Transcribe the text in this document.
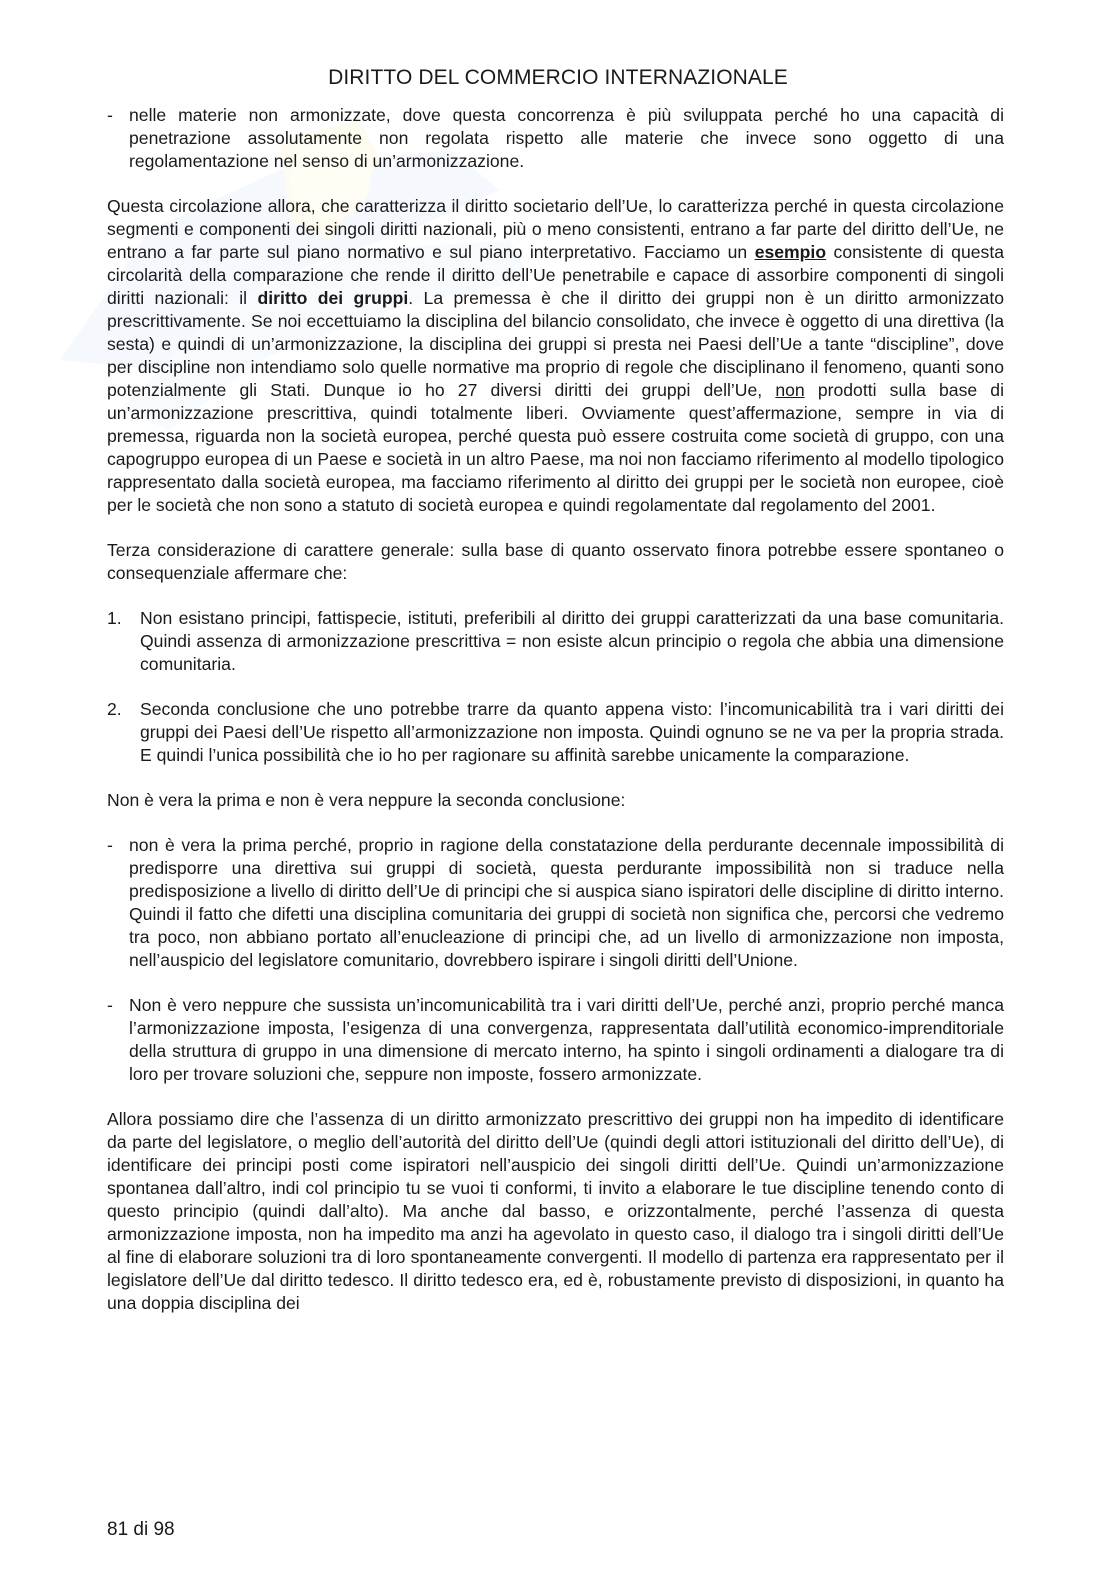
DIRITTO DEL COMMERCIO INTERNAZIONALE
- nelle materie non armonizzate, dove questa concorrenza è più sviluppata perché ho una capacità di penetrazione assolutamente non regolata rispetto alle materie che invece sono oggetto di una regolamentazione nel senso di un’armonizzazione.
Questa circolazione allora, che caratterizza il diritto societario dell’Ue, lo caratterizza perché in questa circolazione segmenti e componenti dei singoli diritti nazionali, più o meno consistenti, entrano a far parte del diritto dell’Ue, ne entrano a far parte sul piano normativo e sul piano interpretativo. Facciamo un esempio consistente di questa circolarità della comparazione che rende il diritto dell’Ue penetrabile e capace di assorbire componenti di singoli diritti nazionali: il diritto dei gruppi. La premessa è che il diritto dei gruppi non è un diritto armonizzato prescrittivamente. Se noi eccettuiamo la disciplina del bilancio consolidato, che invece è oggetto di una direttiva (la sesta) e quindi di un’armonizzazione, la disciplina dei gruppi si presta nei Paesi dell’Ue a tante “discipline”, dove per discipline non intendiamo solo quelle normative ma proprio di regole che disciplinano il fenomeno, quanti sono potenzialmente gli Stati. Dunque io ho 27 diversi diritti dei gruppi dell’Ue, non prodotti sulla base di un’armonizzazione prescrittiva, quindi totalmente liberi. Ovviamente quest’affermazione, sempre in via di premessa, riguarda non la società europea, perché questa può essere costruita come società di gruppo, con una capogruppo europea di un Paese e società in un altro Paese, ma noi non facciamo riferimento al modello tipologico rappresentato dalla società europea, ma facciamo riferimento al diritto dei gruppi per le società non europee, cioè per le società che non sono a statuto di società europea e quindi regolamentate dal regolamento del 2001.
Terza considerazione di carattere generale: sulla base di quanto osservato finora potrebbe essere spontaneo o consequenziale affermare che:
1.	Non esistano principi, fattispecie, istituti, preferibili al diritto dei gruppi caratterizzati da una base comunitaria. Quindi assenza di armonizzazione prescrittiva = non esiste alcun principio o regola che abbia una dimensione comunitaria.
2.	Seconda conclusione che uno potrebbe trarre da quanto appena visto: l’incomunicabilità tra i vari diritti dei gruppi dei Paesi dell’Ue rispetto all’armonizzazione non imposta. Quindi ognuno se ne va per la propria strada. E quindi l’unica possibilità che io ho per ragionare su affinità sarebbe unicamente la comparazione.
Non è vera la prima e non è vera neppure la seconda conclusione:
- non è vera la prima perché, proprio in ragione della constatazione della perdurante decennale impossibilità di predisporre una direttiva sui gruppi di società, questa perdurante impossibilità non si traduce nella predisposizione a livello di diritto dell’Ue di principi che si auspica siano ispiratori delle discipline di diritto interno. Quindi il fatto che difetti una disciplina comunitaria dei gruppi di società non significa che, percorsi che vedremo tra poco, non abbiano portato all’enucleazione di principi che, ad un livello di armonizzazione non imposta, nell’auspicio del legislatore comunitario, dovrebbero ispirare i singoli diritti dell’Unione.
- Non è vero neppure che sussista un’incomunicabilità tra i vari diritti dell’Ue, perché anzi, proprio perché manca l’armonizzazione imposta, l’esigenza di una convergenza, rappresentata dall’utilità economico-imprenditoriale della struttura di gruppo in una dimensione di mercato interno, ha spinto i singoli ordinamenti a dialogare tra di loro per trovare soluzioni che, seppure non imposte, fossero armonizzate.
Allora possiamo dire che l’assenza di un diritto armonizzato prescrittivo dei gruppi non ha impedito di identificare da parte del legislatore, o meglio dell’autorità del diritto dell’Ue (quindi degli attori istituzionali del diritto dell’Ue), di identificare dei principi posti come ispiratori nell’auspicio dei singoli diritti dell’Ue. Quindi un’armonizzazione spontanea dall’altro, indi col principio tu se vuoi ti conformi, ti invito a elaborare le tue discipline tenendo conto di questo principio (quindi dall’alto). Ma anche dal basso, e orizzontalmente, perché l’assenza di questa armonizzazione imposta, non ha impedito ma anzi ha agevolato in questo caso, il dialogo tra i singoli diritti dell’Ue al fine di elaborare soluzioni tra di loro spontaneamente convergenti. Il modello di partenza era rappresentato per il legislatore dell’Ue dal diritto tedesco. Il diritto tedesco era, ed è, robustamente previsto di disposizioni, in quanto ha una doppia disciplina dei
81 di 98
